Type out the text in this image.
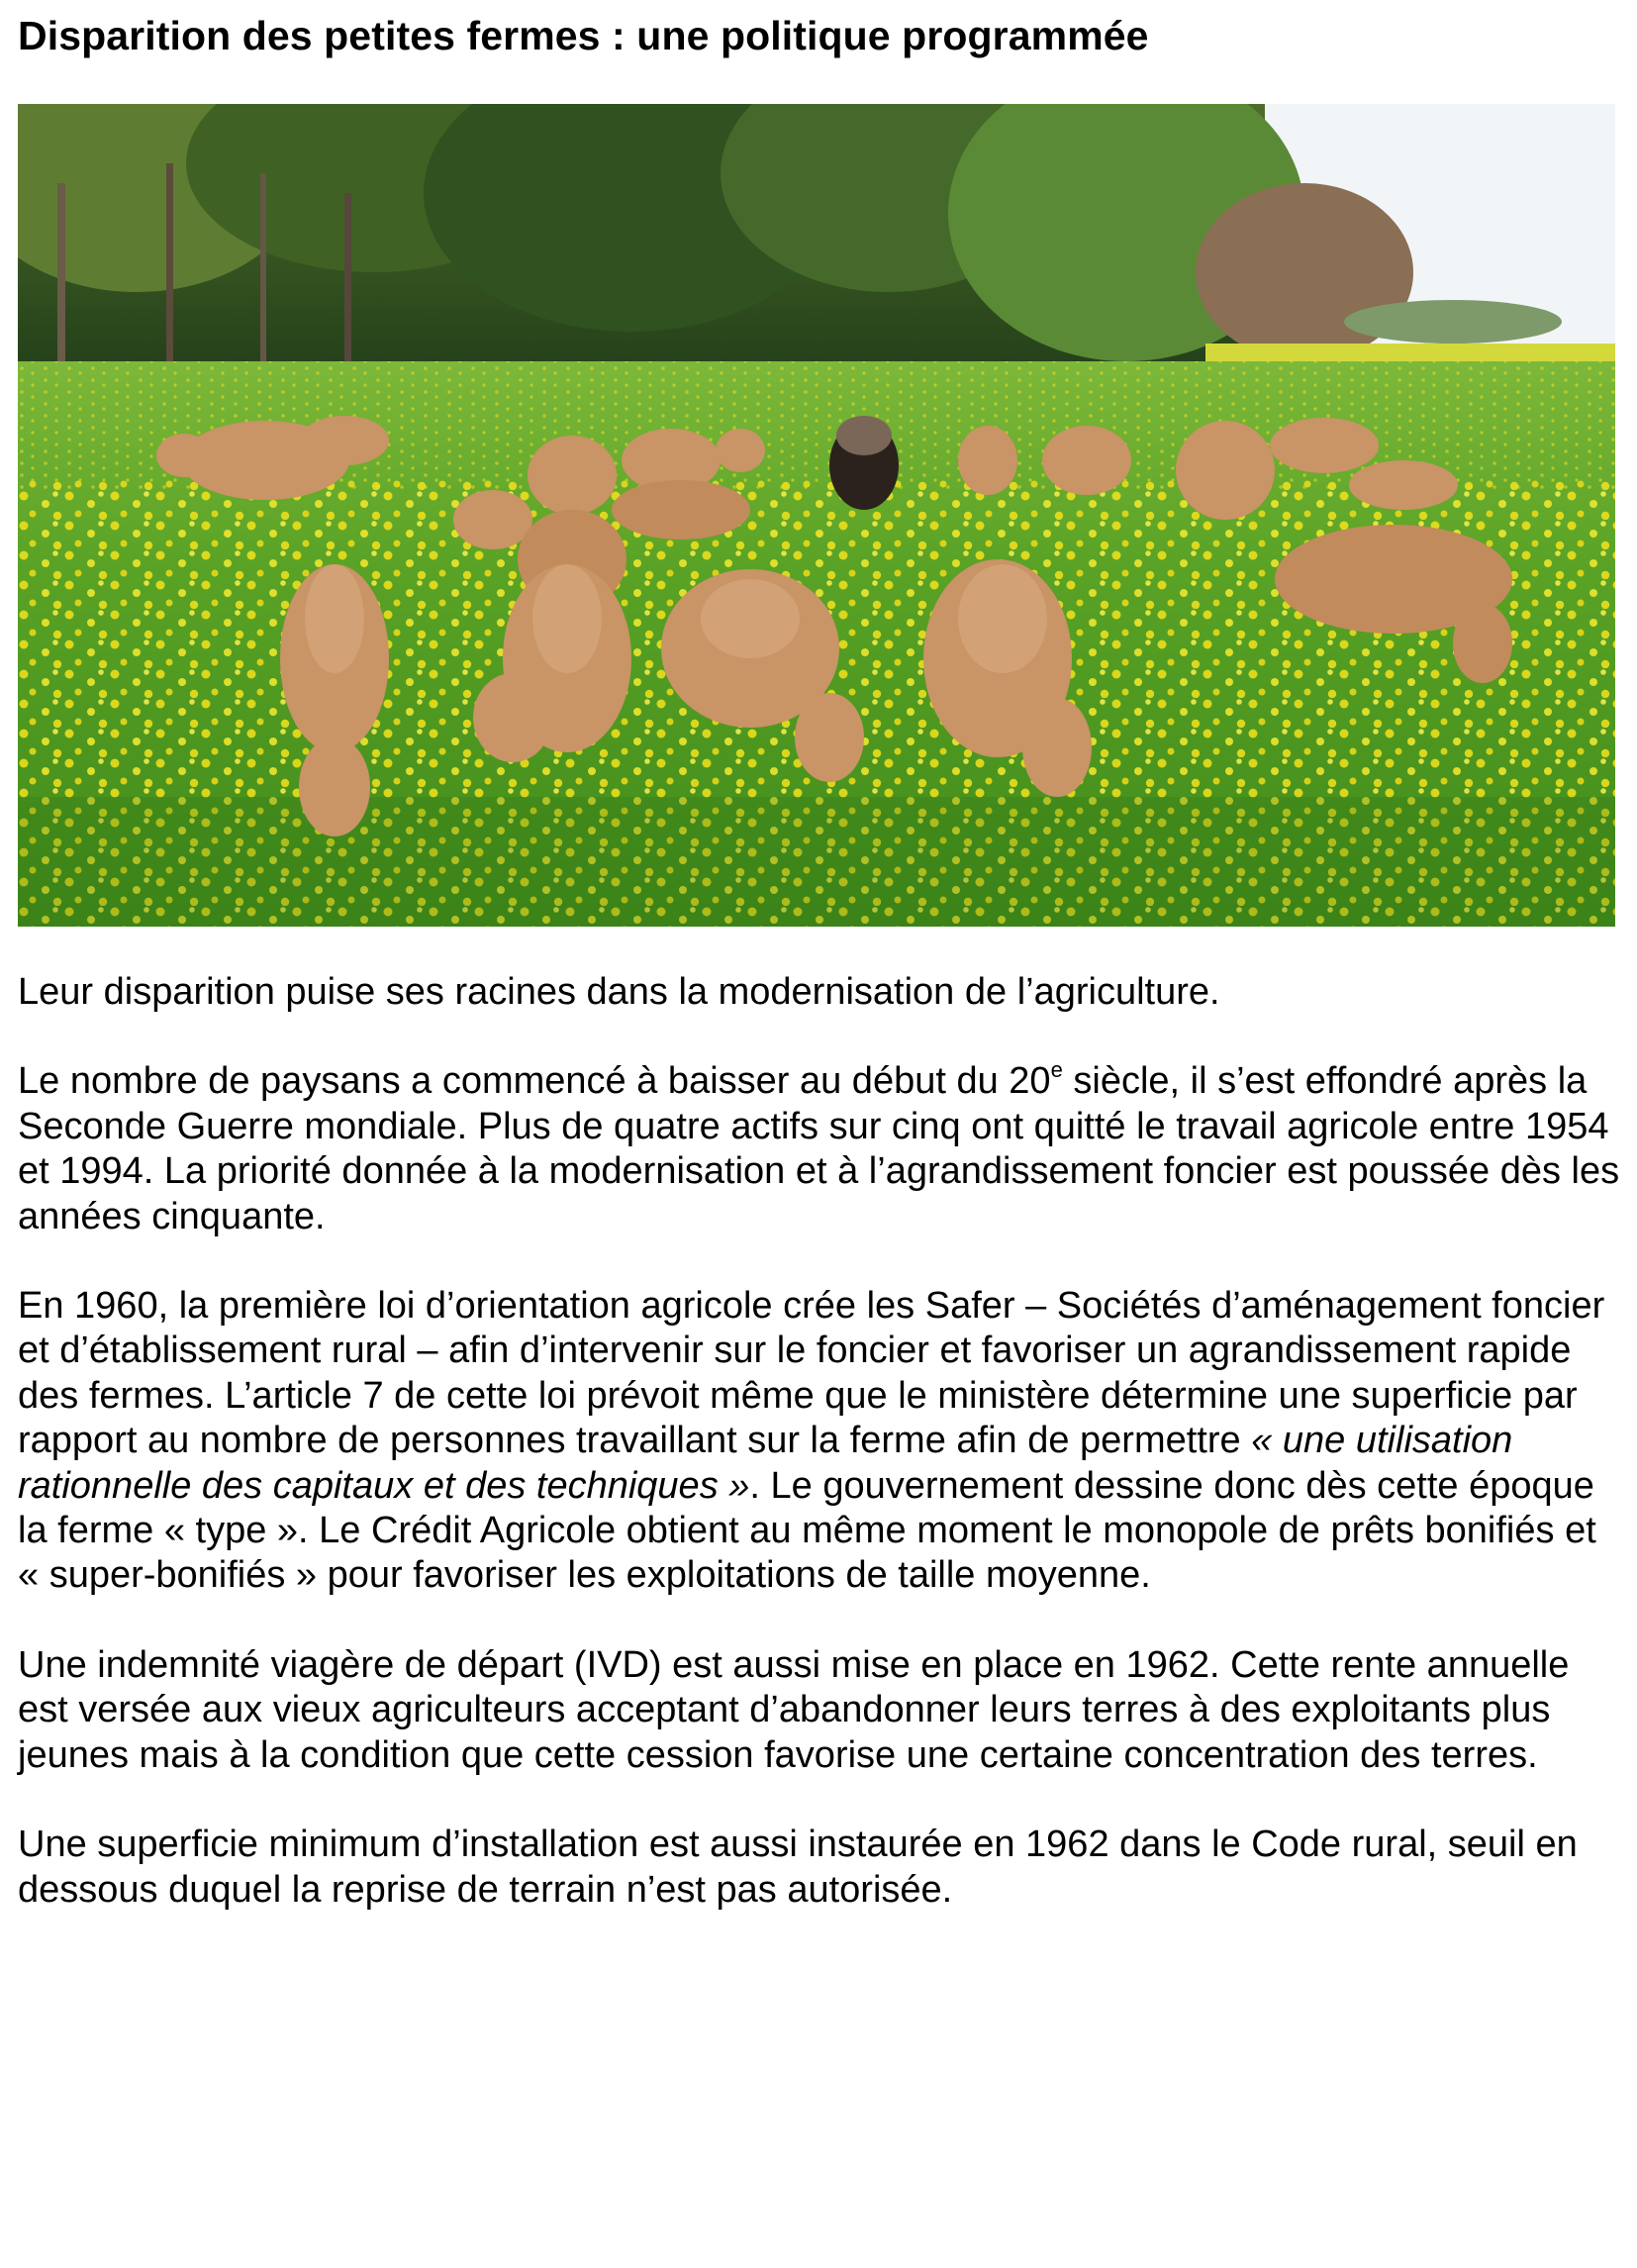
Disparition des petites fermes : une politique programmée

Leur disparition puise ses racines dans la modernisation de l’agriculture.

Le nombre de paysans a commencé à baisser au début du 20e siècle, il s’est effondré après la Seconde Guerre mondiale. Plus de quatre actifs sur cinq ont quitté le travail agricole entre 1954 et 1994. La priorité donnée à la modernisation et à l’agrandissement foncier est poussée dès les années cinquante.

En 1960, la première loi d’orientation agricole crée les Safer – Sociétés d’aménagement foncier et d’établissement rural – afin d’intervenir sur le foncier et favoriser un agrandissement rapide des fermes. L’article 7 de cette loi prévoit même que le ministère détermine une superficie par rapport au nombre de personnes travaillant sur la ferme afin de permettre « une utilisation rationnelle des capitaux et des techniques ». Le gouvernement dessine donc dès cette époque la ferme « type ». Le Crédit Agricole obtient au même moment le monopole de prêts bonifiés et « super-bonifiés » pour favoriser les exploitations de taille moyenne.

Une indemnité viagère de départ (IVD) est aussi mise en place en 1962. Cette rente annuelle est versée aux vieux agriculteurs acceptant d’abandonner leurs terres à des exploitants plus jeunes mais à la condition que cette cession favorise une certaine concentration des terres.

Une superficie minimum d’installation est aussi instaurée en 1962 dans le Code rural, seuil en dessous duquel la reprise de terrain n’est pas autorisée.
